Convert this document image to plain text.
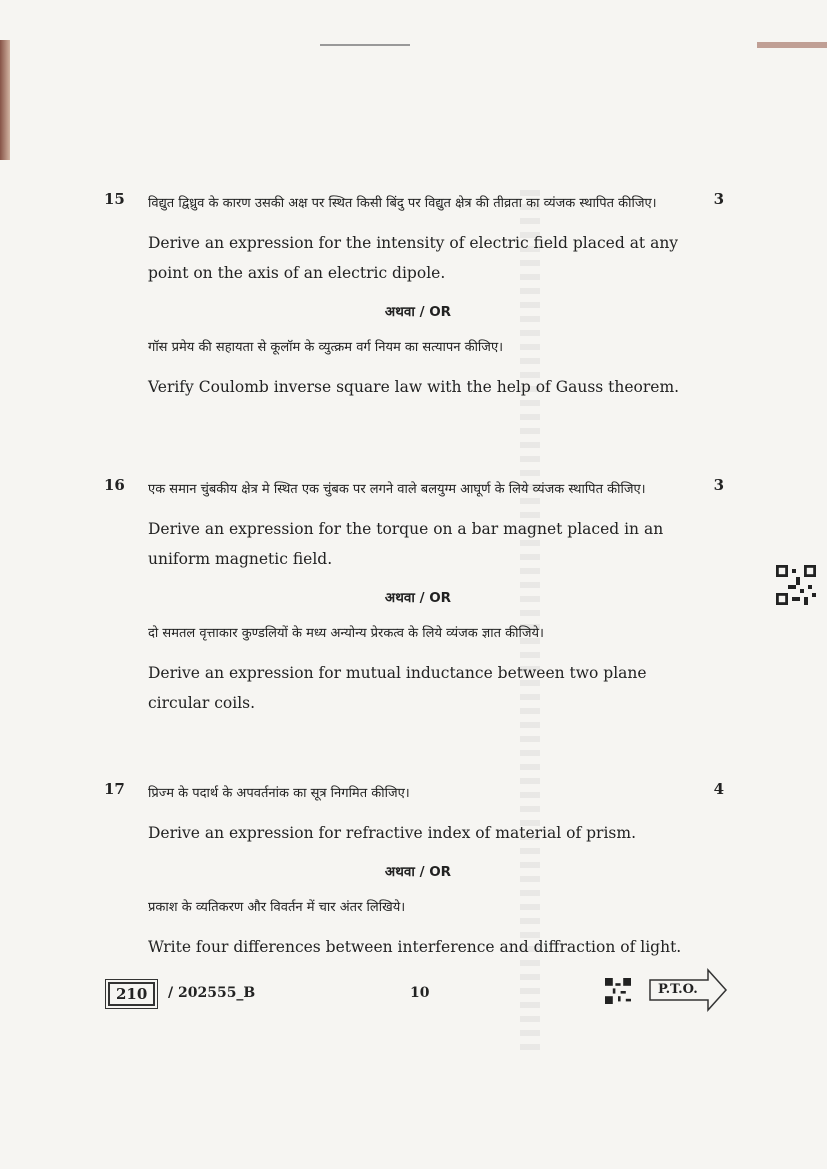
15	3
विद्युत द्विध्रुव के कारण उसकी अक्ष पर स्थित किसी बिंदु पर विद्युत क्षेत्र की तीव्रता का व्यंजक स्थापित कीजिए।
Derive an expression for the intensity of electric field placed at any point on the axis of an electric dipole.
अथवा / OR
गॉस प्रमेय की सहायता से कूलॉम के व्युत्क्रम वर्ग नियम का सत्यापन कीजिए।
Verify Coulomb inverse square law with the help of Gauss theorem.
16	3
एक समान चुंबकीय क्षेत्र मे स्थित एक चुंबक पर लगने वाले बलयुग्म आघूर्ण के लिये व्यंजक स्थापित कीजिए।
Derive an expression for the torque on a bar magnet placed in an uniform magnetic field.
अथवा / OR
दो समतल वृत्ताकार कुण्डलियों के मध्य अन्योन्य प्रेरकत्व के लिये व्यंजक ज्ञात कीजिये।
Derive an expression for mutual inductance between two plane circular coils.
17	4
प्रिज्म के पदार्थ के अपवर्तनांक का सूत्र निगमित कीजिए।
Derive an expression for refractive index of material of prism.
अथवा / OR
प्रकाश के व्यतिकरण और विवर्तन में चार अंतर लिखिये।
Write four differences between interference and diffraction of light.
210	/ 202555_B	10	P.T.O.
